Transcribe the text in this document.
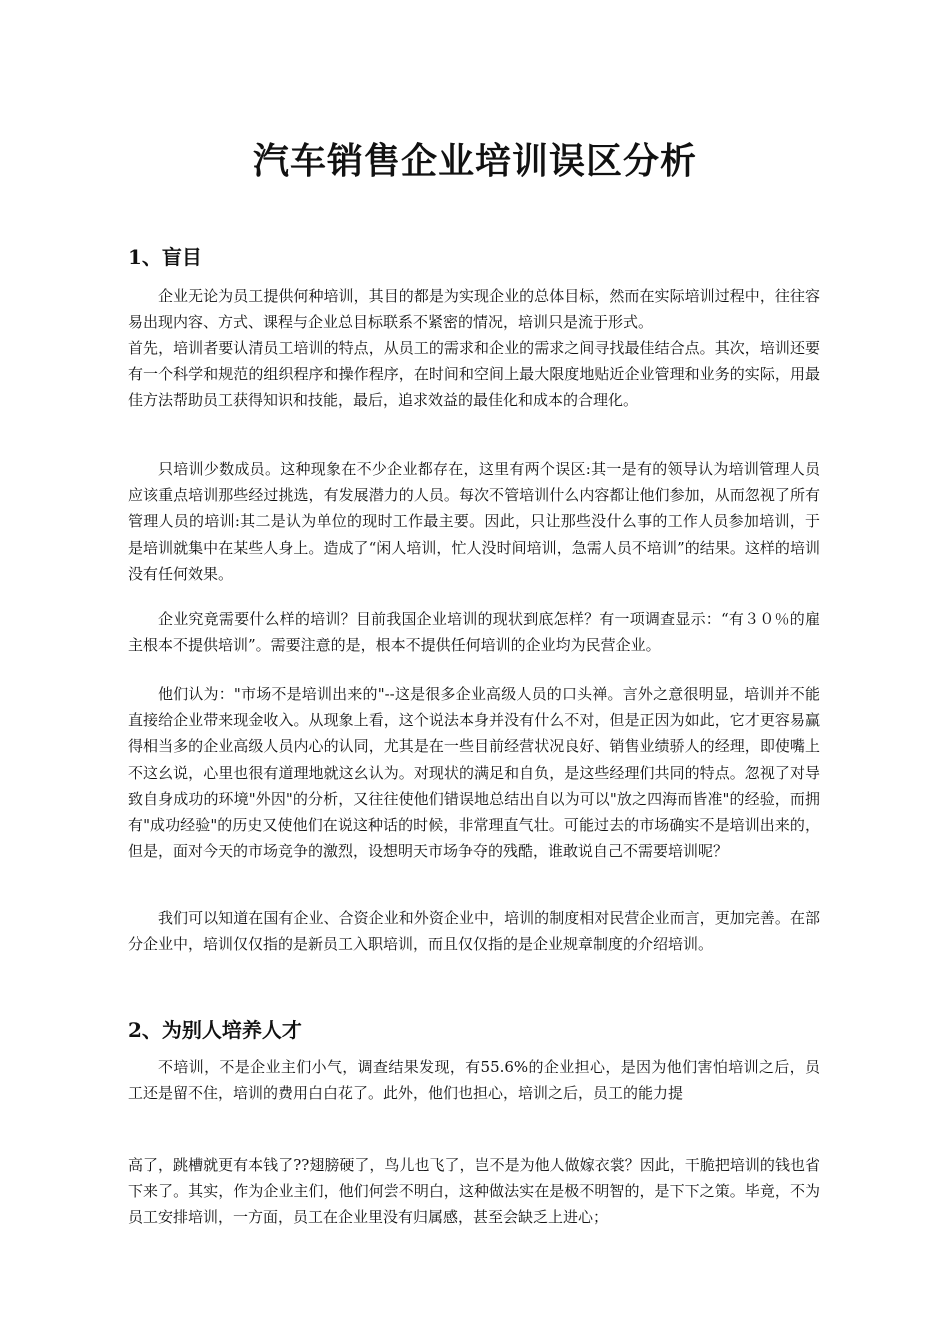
汽车销售企业培训误区分析
1、盲目

企业无论为员工提供何种培训，其目的都是为实现企业的总体目标，然而在实际培训过程中，往往容易出现内容、方式、课程与企业总目标联系不紧密的情况，培训只是流于形式。

首先，培训者要认清员工培训的特点，从员工的需求和企业的需求之间寻找最佳结合点。其次，培训还要有一个科学和规范的组织程序和操作程序，在时间和空间上最大限度地贴近企业管理和业务的实际，用最佳方法帮助员工获得知识和技能，最后，追求效益的最佳化和成本的合理化。

只培训少数成员。这种现象在不少企业都存在，这里有两个误区:其一是有的领导认为培训管理人员应该重点培训那些经过挑选，有发展潜力的人员。每次不管培训什么内容都让他们参加，从而忽视了所有管理人员的培训:其二是认为单位的现时工作最主要。因此，只让那些没什么事的工作人员参加培训，于是培训就集中在某些人身上。造成了“闲人培训，忙人没时间培训，急需人员不培训”的结果。这样的培训没有任何效果。

企业究竟需要什么样的培训？目前我国企业培训的现状到底怎样？有一项调查显示：“有３０％的雇主根本不提供培训”。需要注意的是，根本不提供任何培训的企业均为民营企业。

他们认为："市场不是培训出来的"--这是很多企业高级人员的口头禅。言外之意很明显，培训并不能直接给企业带来现金收入。从现象上看，这个说法本身并没有什么不对，但是正因为如此，它才更容易赢得相当多的企业高级人员内心的认同，尤其是在一些目前经营状况良好、销售业绩骄人的经理，即使嘴上不这幺说，心里也很有道理地就这幺认为。对现状的满足和自负，是这些经理们共同的特点。忽视了对导致自身成功的环境"外因"的分析，又往往使他们错误地总结出自以为可以"放之四海而皆准"的经验，而拥有"成功经验"的历史又使他们在说这种话的时候，非常理直气壮。可能过去的市场确实不是培训出来的，但是，面对今天的市场竞争的激烈，设想明天市场争夺的残酷，谁敢说自己不需要培训呢？

我们可以知道在国有企业、合资企业和外资企业中，培训的制度相对民营企业而言，更加完善。在部分企业中，培训仅仅指的是新员工入职培训，而且仅仅指的是企业规章制度的介绍培训。

2、为别人培养人才

不培训，不是企业主们小气，调查结果发现，有55.6%的企业担心，是因为他们害怕培训之后，员工还是留不住，培训的费用白白花了。此外，他们也担心，培训之后，员工的能力提

高了，跳槽就更有本钱了??翅膀硬了，鸟儿也飞了，岂不是为他人做嫁衣裳？因此，干脆把培训的钱也省下来了。其实，作为企业主们，他们何尝不明白，这种做法实在是极不明智的，是下下之策。毕竟，不为员工安排培训，一方面，员工在企业里没有归属感，甚至会缺乏上进心；
